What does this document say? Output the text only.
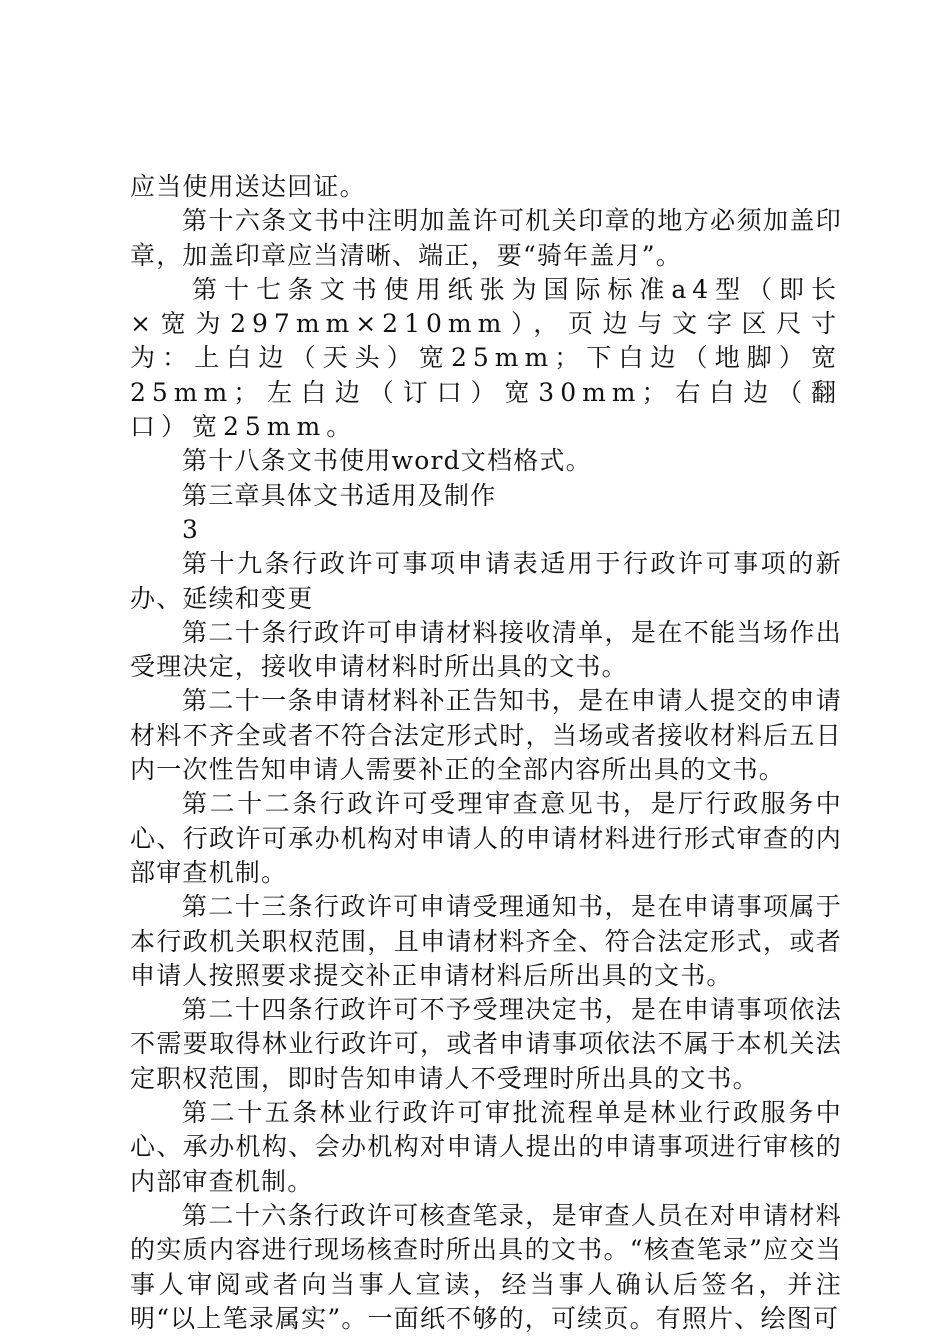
应当使用送达回证。

第十六条文书中注明加盖许可机关印章的地方必须加盖印章，加盖印章应当清晰、端正，要“骑年盖月”。

第十七条文书使用纸张为国际标准a4型（即长×宽为297mm×210mm），页边与文字区尺寸为：上白边（天头）宽25mm；下白边（地脚）宽25mm；左白边（订口）宽30mm；右白边（翻口）宽25mm。

第十八条文书使用word文档格式。

第三章具体文书适用及制作

3

第十九条行政许可事项申请表适用于行政许可事项的新办、延续和变更

第二十条行政许可申请材料接收清单，是在不能当场作出受理决定，接收申请材料时所出具的文书。

第二十一条申请材料补正告知书，是在申请人提交的申请材料不齐全或者不符合法定形式时，当场或者接收材料后五日内一次性告知申请人需要补正的全部内容所出具的文书。

第二十二条行政许可受理审查意见书，是厅行政服务中心、行政许可承办机构对申请人的申请材料进行形式审查的内部审查机制。

第二十三条行政许可申请受理通知书，是在申请事项属于本行政机关职权范围，且申请材料齐全、符合法定形式，或者申请人按照要求提交补正申请材料后所出具的文书。

第二十四条行政许可不予受理决定书，是在申请事项依法不需要取得林业行政许可，或者申请事项依法不属于本机关法定职权范围，即时告知申请人不受理时所出具的文书。

第二十五条林业行政许可审批流程单是林业行政服务中心、承办机构、会办机构对申请人提出的申请事项进行审核的内部审查机制。

第二十六条行政许可核查笔录，是审查人员在对申请材料的实质内容进行现场核查时所出具的文书。“核查笔录”应交当事人审阅或者向当事人宣读，经当事人确认后签名，并注明“以上笔录属实”。一面纸不够的，可续页。有照片、绘图可
